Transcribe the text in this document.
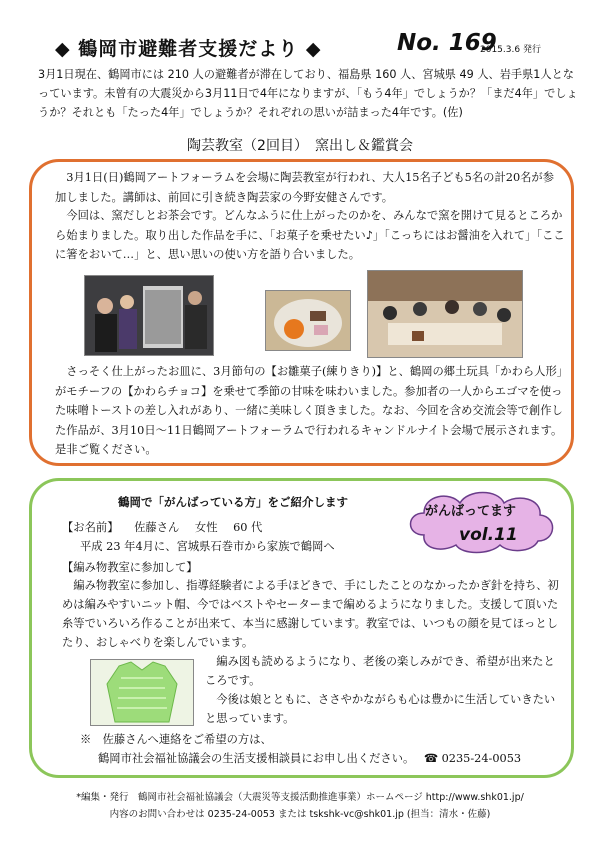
◆ 鶴岡市避難者支援だより ◆	No. 169
2015.3.6 発行
3月1日現在、鶴岡市には 210 人の避難者が滞在しており、福島県 160 人、宮城県 49 人、岩手県1人となっています。未曾有の大震災から3月11日で4年になりますが、「もう4年」でしょうか？「まだ4年」でしょうか？それとも「たった4年」でしょうか？それぞれの思いが詰まった4年です。(佐)
陶芸教室（2回目）　窯出し＆鑑賞会
3月1日(日)鶴岡アートフォーラムを会場に陶芸教室が行われ、大人15名子ども5名の計20名が参加しました。講師は、前回に引き続き陶芸家の今野安健さんです。
今回は、窯だしとお茶会です。どんなふうに仕上がったのかを、みんなで窯を開けて見るところから始まりました。取り出した作品を手に、「お菓子を乗せたい♪」「こっちにはお醤油を入れて」「ここに箸をおいて…」と、思い思いの使い方を語り合いました。
さっそく仕上がったお皿に、3月節句の【お雛菓子(練りきり)】と、鶴岡の郷土玩具「かわら人形」がモチーフの【かわらチョコ】を乗せて季節の甘味を味わいました。参加者の一人からエゴマを使った味噌トーストの差し入れがあり、一緒に美味しく頂きました。なお、今回を含め交流会等で創作した作品が、3月10日～11日鶴岡アートフォーラムで行われるキャンドルナイト会場で展示されます。是非ご覧ください。
鶴岡で「がんばっている方」をご紹介します
がんばってます
vol.11
【お名前】 佐藤さん 女性 60 代
平成 23 年4月に、宮城県石巻市から家族で鶴岡へ
【編み物教室に参加して】

編み物教室に参加し、指導経験者による手ほどきで、手にしたことのなかったかぎ針を持ち、初めは編みやすいニット帽、今ではベストやセーターまで編めるようになりました。支援して頂いた糸等でいろいろ作ることが出来て、本当に感謝しています。教室では、いつもの顔を見てほっとしたり、おしゃべりを楽しんでいます。

　編み図も読めるようになり、老後の楽しみができ、希望が出来たところです。

　今後は娘とともに、ささやかながらも心は豊かに生活していきたいと思っています。

※　佐藤さんへ連絡をご希望の方は、
鶴岡市社会福祉協議会の生活支援相談員にお申し出ください。 ☎ 0235-24-0053
*編集・発行　鶴岡市社会福祉協議会（大震災等支援活動推進事業）ホームページ http://www.shk01.jp/
内容のお問い合わせは 0235-24-0053 または tskshk-vc@shk01.jp (担当：清水・佐藤)
